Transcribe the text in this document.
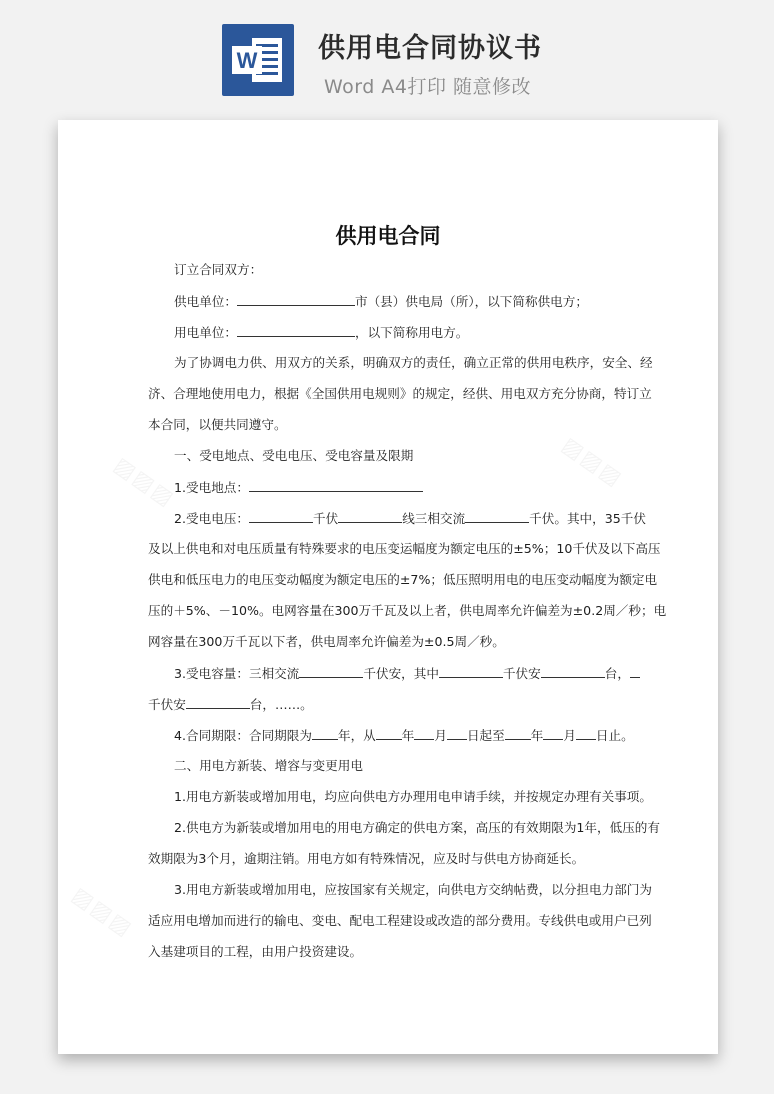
W 供用电合同协议书
Word A4打印 随意修改
供用电合同
订立合同双方：
供电单位：	市（县）供电局（所），以下简称供电方；
用电单位：	，以下简称用电方。
为了协调电力供、用双方的关系，明确双方的责任，确立正常的供用电秩序，安全、经
济、合理地使用电力，根据《全国供用电规则》的规定，经供、用电双方充分协商，特订立
本合同，以便共同遵守。
一、受电地点、受电电压、受电容量及限期
1.受电地点：
2.受电电压：	千伏	线三相交流	千伏。其中，35千伏
及以上供电和对电压质量有特殊要求的电压变运幅度为额定电压的±5%；10千伏及以下高压
供电和低压电力的电压变动幅度为额定电压的±7%；低压照明用电的电压变动幅度为额定电
压的＋5%、－10%。电网容量在300万千瓦及以上者，供电周率允许偏差为±0.2周／秒；电
网容量在300万千瓦以下者，供电周率允许偏差为±0.5周／秒。
3.受电容量：三相交流	千伏安，其中	千伏安	台，
千伏安	台，……。
4.合同期限：合同期限为 年，从 年 月 日起至 年 月 日止。
二、用电方新装、增容与变更用电
1.用电方新装或增加用电，均应向供电方办理用电申请手续，并按规定办理有关事项。
2.供电方为新装或增加用电的用电方确定的供电方案，高压的有效期限为1年，低压的有
效期限为3个月，逾期注销。用电方如有特殊情况，应及时与供电方协商延长。
3.用电方新装或增加用电，应按国家有关规定，向供电方交纳帖费，以分担电力部门为
适应用电增加而进行的输电、变电、配电工程建设或改造的部分费用。专线供电或用户已列
入基建项目的工程，由用户投资建设。
